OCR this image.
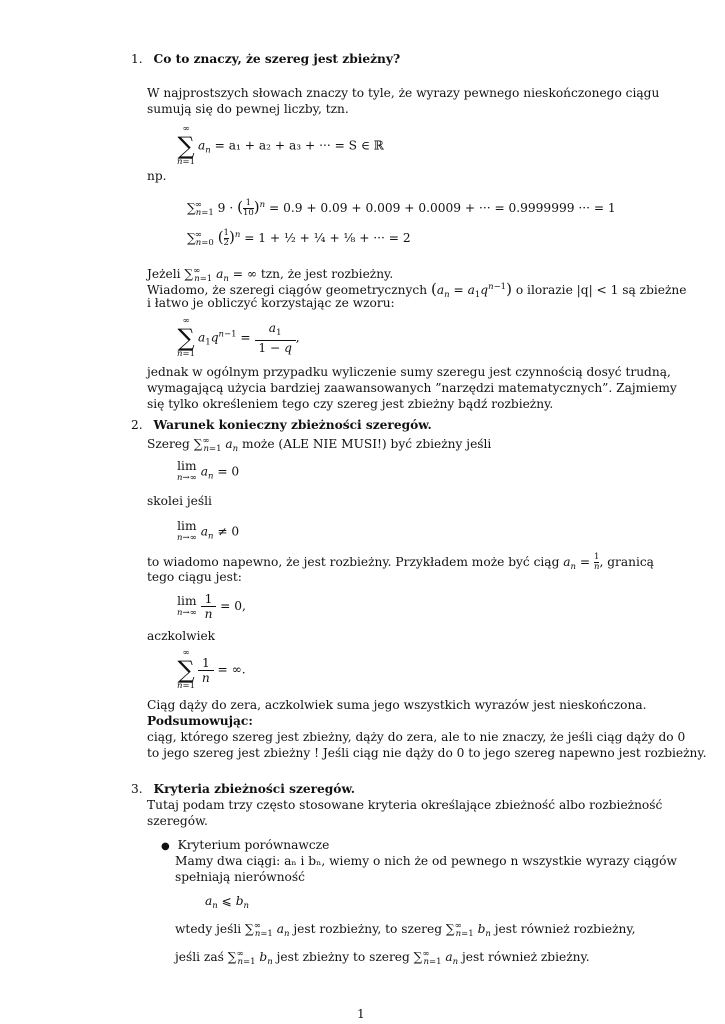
1. Co to znaczy, że szereg jest zbieżny?
W najprostszych słowach znaczy to tyle, że wyrazy pewnego nieskończonego ciągu
sumują się do pewnej liczby, tzn.
∞
∑
n=1
$a_n = a_1 + a_2 + a_3$ + ··· = S ∈ ℝ
np.
$\sum^\infty_{n=1}$ 9 · ( $\frac{1}{10} )^n = 0.9 + 0.09 + 0.009 + 0.0009$ + ··· = 0.9999999 ··· = 1
$\sum^\infty_{n=0}$ ( $\frac{1}{2} )^n = 1$ + ½ + ¼ + ⅛ + ··· = 2
Jeżeli $\sum^\infty_{n=1}$ $a_n$ = ∞ tzn, że jest rozbieżny.
Wiadomo, że szeregi ciągów geometrycznych $(a_n = a_1q^{n-1})$ o ilorazie |q| < 1 są zbieżne
i łatwo je obliczyć korzystając ze wzoru:
∞
∑
n=1
$a_1q^{n-1} = \frac{a_1}{1 - q}$ ,
jednak w ogólnym przypadku wyliczenie sumy szeregu jest czynnością dosyć trudną,
wymagającą użycia bardziej zaawansowanych ”narzędzi matematycznych”. Zajmiemy
się tylko określeniem tego czy szereg jest zbieżny bądź rozbieżny.
2. Warunek konieczny zbieżności szeregów.
Szereg $\sum^\infty_{n=1}$ $a_n$ może (ALE NIE MUSI!) być zbieżny jeśli
lim
n→∞ $a_n = 0$
skolei jeśli
lim
n→∞ $a_n \ne 0$
to wiadomo napewno, że jest rozbieżny. Przykładem może być ciąg $a_n = \frac{1}{n}$ , granicą
tego ciągu jest:
lim
$n\to\infty \frac{1}{n} = 0$,
aczkolwiek
∞
∑
n=1
$\frac{1}{n}$ = ∞.
Ciąg dąży do zera, aczkolwiek suma jego wszystkich wyrazów jest nieskończona.
Podsumowując:
ciąg, którego szereg jest zbieżny, dąży do zera, ale to nie znaczy, że jeśli ciąg dąży do 0
to jego szereg jest zbieżny ! Jeśli ciąg nie dąży do 0 to jego szereg napewno jest rozbieżny.
3. Kryteria zbieżności szeregów.
Tutaj podam trzy często stosowane kryteria określające zbieżność albo rozbieżność
szeregów.
● Kryterium porównawcze
Mamy dwa ciągi: aₙ i bₙ, wiemy o nich że od pewnego n wszystkie wyrazy ciągów
spełniają nierówność
$a_n$ ⩽ $b_n$
wtedy jeśli $\sum^\infty_{n=1}$ $a_n$ jest rozbieżny, to szereg $\sum^\infty_{n=1}$ $b_n$ jest również rozbieżny,
jeśli zaś $\sum^\infty_{n=1}$ $b_n$ jest zbieżny to szereg $\sum^\infty_{n=1}$ $a_n$ jest również zbieżny.
1
